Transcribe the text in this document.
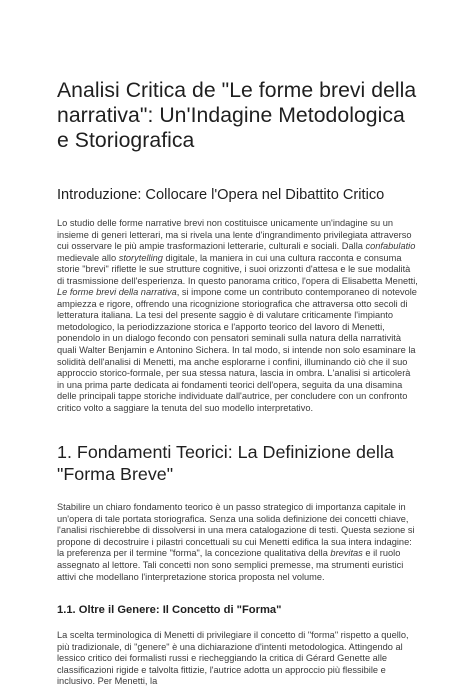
Analisi Critica de "Le forme brevi della narrativa": Un'Indagine Metodologica e Storiografica
Introduzione: Collocare l'Opera nel Dibattito Critico

Lo studio delle forme narrative brevi non costituisce unicamente un'indagine su un insieme di generi letterari, ma si rivela una lente d'ingrandimento privilegiata attraverso cui osservare le più ampie trasformazioni letterarie, culturali e sociali. Dalla confabulatio medievale allo storytelling digitale, la maniera in cui una cultura racconta e consuma storie "brevi" riflette le sue strutture cognitive, i suoi orizzonti d'attesa e le sue modalità di trasmissione dell'esperienza. In questo panorama critico, l'opera di Elisabetta Menetti, Le forme brevi della narrativa, si impone come un contributo contemporaneo di notevole ampiezza e rigore, offrendo una ricognizione storiografica che attraversa otto secoli di letteratura italiana. La tesi del presente saggio è di valutare criticamente l'impianto metodologico, la periodizzazione storica e l'apporto teorico del lavoro di Menetti, ponendolo in un dialogo fecondo con pensatori seminali sulla natura della narratività quali Walter Benjamin e Antonino Sichera. In tal modo, si intende non solo esaminare la solidità dell'analisi di Menetti, ma anche esplorarne i confini, illuminando ciò che il suo approccio storico-formale, per sua stessa natura, lascia in ombra. L'analisi si articolerà in una prima parte dedicata ai fondamenti teorici dell'opera, seguita da una disamina delle principali tappe storiche individuate dall'autrice, per concludere con un confronto critico volto a saggiare la tenuta del suo modello interpretativo.

1. Fondamenti Teorici: La Definizione della "Forma Breve"

Stabilire un chiaro fondamento teorico è un passo strategico di importanza capitale in un'opera di tale portata storiografica. Senza una solida definizione dei concetti chiave, l'analisi rischierebbe di dissolversi in una mera catalogazione di testi. Questa sezione si propone di decostruire i pilastri concettuali su cui Menetti edifica la sua intera indagine: la preferenza per il termine "forma", la concezione qualitativa della brevitas e il ruolo assegnato al lettore. Tali concetti non sono semplici premesse, ma strumenti euristici attivi che modellano l'interpretazione storica proposta nel volume.

1.1. Oltre il Genere: Il Concetto di "Forma"

La scelta terminologica di Menetti di privilegiare il concetto di "forma" rispetto a quello, più tradizionale, di "genere" è una dichiarazione d'intenti metodologica. Attingendo al lessico critico dei formalisti russi e riecheggiando la critica di Gérard Genette alle classificazioni rigide e talvolta fittizie, l'autrice adotta un approccio più flessibile e inclusivo. Per Menetti, la
